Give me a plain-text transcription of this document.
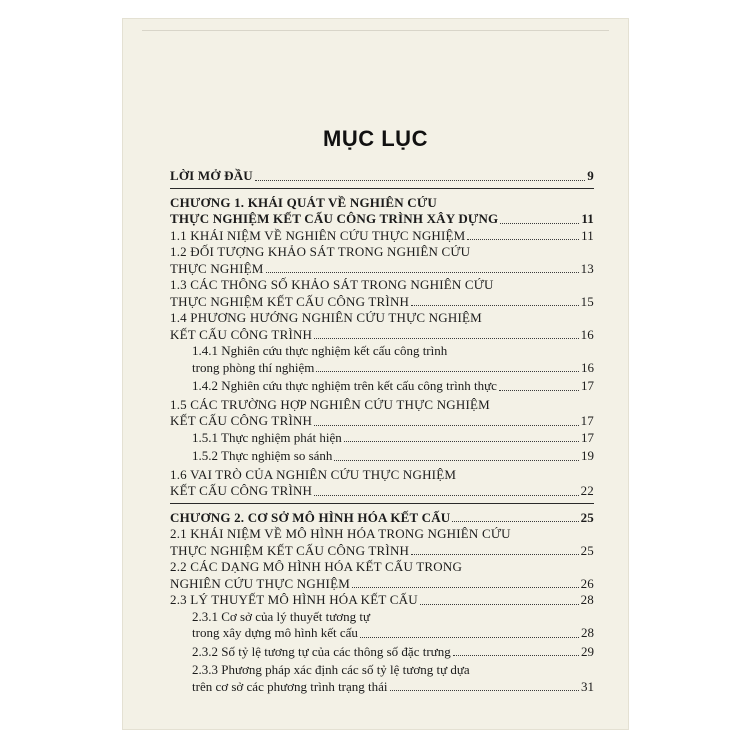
MỤC LỤC
LỜI MỞ ĐẦU	9
CHƯƠNG 1. KHÁI QUÁT VỀ NGHIÊN CỨU
THỰC NGHIỆM KẾT CẤU CÔNG TRÌNH XÂY DỰNG	11
1.1 KHÁI NIỆM VỀ NGHIÊN CỨU THỰC NGHIỆM	11
1.2 ĐỐI TƯỢNG KHẢO SÁT TRONG NGHIÊN CỨU
THỰC NGHIỆM	13
1.3 CÁC THÔNG SỐ KHẢO SÁT TRONG NGHIÊN CỨU
THỰC NGHIỆM KẾT CẤU CÔNG TRÌNH	15
1.4 PHƯƠNG HƯỚNG NGHIÊN CỨU THỰC NGHIỆM
KẾT CẤU CÔNG TRÌNH	16
1.4.1 Nghiên cứu thực nghiệm kết cấu công trình
trong phòng thí nghiệm	16
1.4.2 Nghiên cứu thực nghiệm trên kết cấu công trình thực	17
1.5 CÁC TRƯỜNG HỢP NGHIÊN CỨU THỰC NGHIỆM
KẾT CẤU CÔNG TRÌNH	17
1.5.1 Thực nghiệm phát hiện	17
1.5.2 Thực nghiệm so sánh	19
1.6 VAI TRÒ CỦA NGHIÊN CỨU THỰC NGHIỆM
KẾT CẤU CÔNG TRÌNH	22
CHƯƠNG 2. CƠ SỞ MÔ HÌNH HÓA KẾT CẤU	25
2.1 KHÁI NIỆM VỀ MÔ HÌNH HÓA TRONG NGHIÊN CỨU
THỰC NGHIỆM KẾT CẤU CÔNG TRÌNH	25
2.2 CÁC DẠNG MÔ HÌNH HÓA KẾT CẤU TRONG
NGHIÊN CỨU THỰC NGHIỆM	26
2.3 LÝ THUYẾT MÔ HÌNH HÓA KẾT CẤU	28
2.3.1 Cơ sở của lý thuyết tương tự
trong xây dựng mô hình kết cấu	28
2.3.2 Số tỷ lệ tương tự của các thông số đặc trưng	29
2.3.3 Phương pháp xác định các số tỷ lệ tương tự dựa
trên cơ sở các phương trình trạng thái	31
